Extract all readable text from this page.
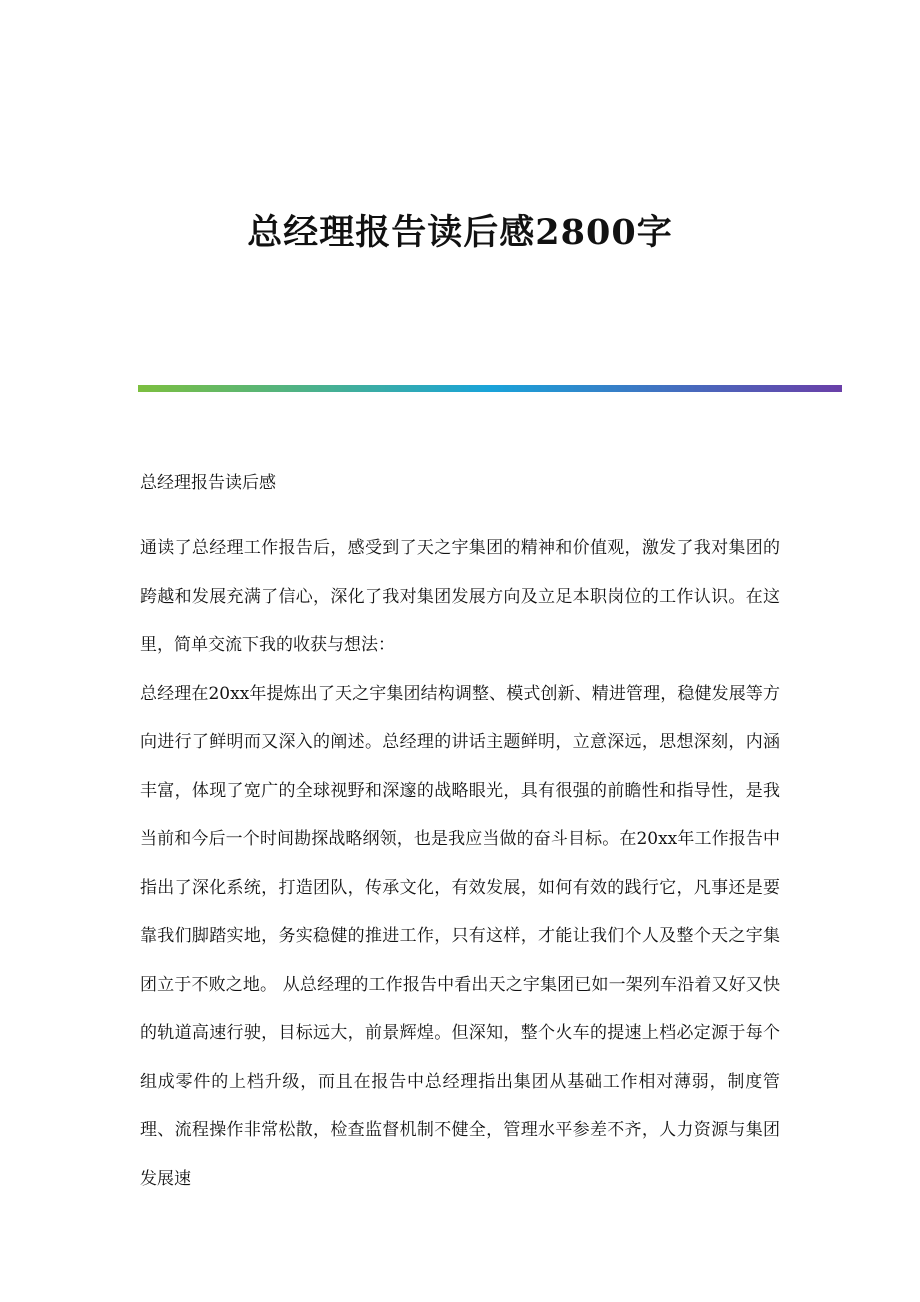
总经理报告读后感2800字

总经理报告读后感

通读了总经理工作报告后，感受到了天之宇集团的精神和价值观，激发了我对集团的跨越和发展充满了信心，深化了我对集团发展方向及立足本职岗位的工作认识。在这里，简单交流下我的收获与想法：

总经理在20xx年提炼出了天之宇集团结构调整、模式创新、精进管理，稳健发展等方向进行了鲜明而又深入的阐述。总经理的讲话主题鲜明，立意深远，思想深刻，内涵丰富，体现了宽广的全球视野和深邃的战略眼光，具有很强的前瞻性和指导性，是我当前和今后一个时间勘探战略纲领，也是我应当做的奋斗目标。在20xx年工作报告中指出了深化系统，打造团队，传承文化，有效发展，如何有效的践行它，凡事还是要靠我们脚踏实地，务实稳健的推进工作，只有这样，才能让我们个人及整个天之宇集团立于不败之地。 从总经理的工作报告中看出天之宇集团已如一架列车沿着又好又快的轨道高速行驶，目标远大，前景辉煌。但深知，整个火车的提速上档必定源于每个组成零件的上档升级，而且在报告中总经理指出集团从基础工作相对薄弱，制度管理、流程操作非常松散，检查监督机制不健全，管理水平参差不齐，人力资源与集团发展速
